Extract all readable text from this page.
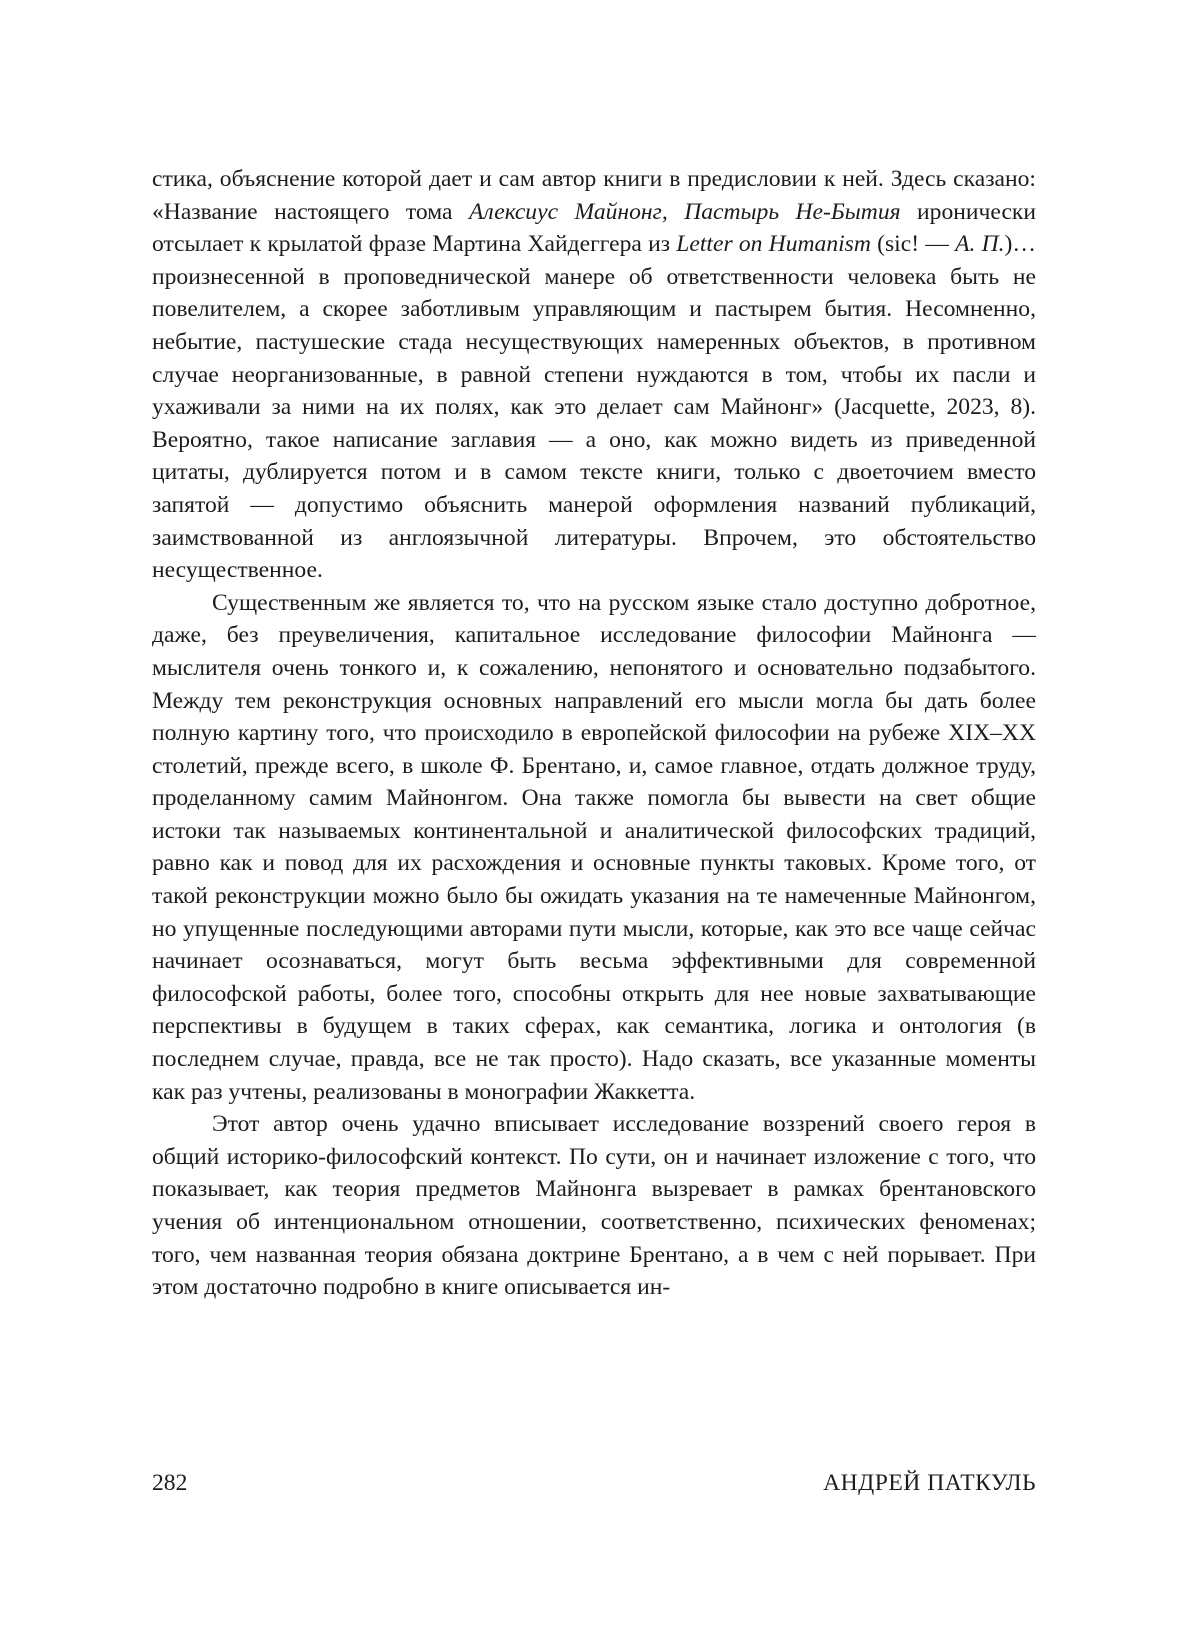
стика, объяснение которой дает и сам автор книги в предисловии к ней. Здесь сказано: «Название настоящего тома Алексиус Майнонг, Пастырь Не-Бытия иронически отсылает к крылатой фразе Мартина Хайдеггера из Letter on Humanism (sic! — А. П.)… произнесенной в проповеднической манере об ответственности человека быть не повелителем, а скорее заботливым управляющим и пастырем бытия. Несомненно, небытие, пастушеские стада несуществующих намеренных объектов, в противном случае неорганизованные, в равной степени нуждаются в том, чтобы их пасли и ухаживали за ними на их полях, как это делает сам Майнонг» (Jacquette, 2023, 8). Вероятно, такое написание заглавия — а оно, как можно видеть из приведенной цитаты, дублируется потом и в самом тексте книги, только с двоеточием вместо запятой — допустимо объяснить манерой оформления названий публикаций, заимствованной из англоязычной литературы. Впрочем, это обстоятельство несущественное.

Существенным же является то, что на русском языке стало доступно добротное, даже, без преувеличения, капитальное исследование философии Майнонга — мыслителя очень тонкого и, к сожалению, непонятого и основательно подзабытого. Между тем реконструкция основных направлений его мысли могла бы дать более полную картину того, что происходило в европейской философии на рубеже XIX–XX столетий, прежде всего, в школе Ф. Брентано, и, самое главное, отдать должное труду, проделанному самим Майнонгом. Она также помогла бы вывести на свет общие истоки так называемых континентальной и аналитической философских традиций, равно как и повод для их расхождения и основные пункты таковых. Кроме того, от такой реконструкции можно было бы ожидать указания на те намеченные Майнонгом, но упущенные последующими авторами пути мысли, которые, как это все чаще сейчас начинает осознаваться, могут быть весьма эффективными для современной философской работы, более того, способны открыть для нее новые захватывающие перспективы в будущем в таких сферах, как семантика, логика и онтология (в последнем случае, правда, все не так просто). Надо сказать, все указанные моменты как раз учтены, реализованы в монографии Жаккетта.

Этот автор очень удачно вписывает исследование воззрений своего героя в общий историко-философский контекст. По сути, он и начинает изложение с того, что показывает, как теория предметов Майнонга вызревает в рамках брентановского учения об интенциональном отношении, соответственно, психических феноменах; того, чем названная теория обязана доктрине Брентано, а в чем с ней порывает. При этом достаточно подробно в книге описывается ин-

282	АНДРЕЙ ПАТКУЛЬ
